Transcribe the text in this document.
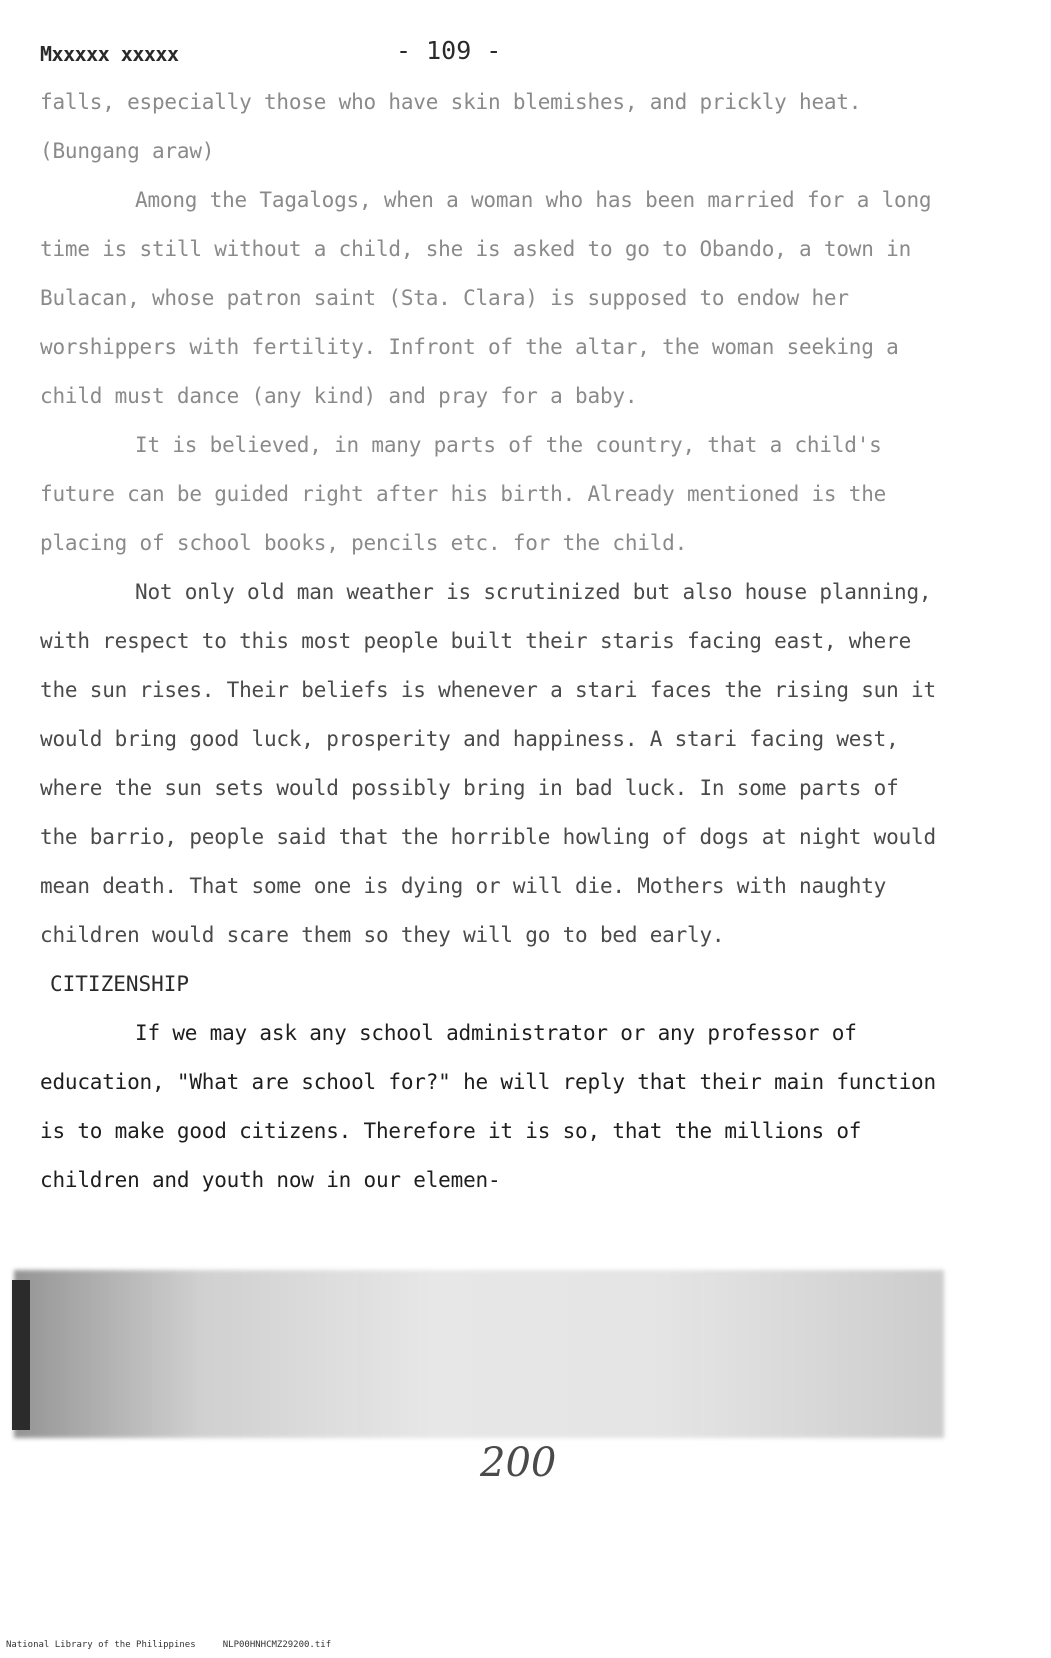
Mxxxxx xxxxx	- 109 -

falls, especially those who have skin blemishes, and prickly heat. (Bungang araw)

Among the Tagalogs, when a woman who has been married for a long time is still without a child, she is asked to go to Obando, a town in Bulacan, whose patron saint (Sta. Clara) is supposed to endow her worshippers with fertility. Infront of the altar, the woman seeking a child must dance (any kind) and pray for a baby.

It is believed, in many parts of the country, that a child's future can be guided right after his birth. Already mentioned is the placing of school books, pencils etc. for the child.

Not only old man weather is scrutinized but also house planning, with respect to this most people built their staris facing east, where the sun rises. Their beliefs is whenever a stari faces the rising sun it would bring good luck, prosperity and happiness. A stari facing west, where the sun sets would possibly bring in bad luck. In some parts of the barrio, people said that the horrible howling of dogs at night would mean death. That some one is dying or will die. Mothers with naughty children would scare them so they will go to bed early.

CITIZENSHIP

If we may ask any school administrator or any professor of education, "What are school for?" he will reply that their main function is to make good citizens. Therefore it is so, that the millions of children and youth now in our elemen-

200
National Library of the Philippines     NLP00HNHCMZ29200.tif
